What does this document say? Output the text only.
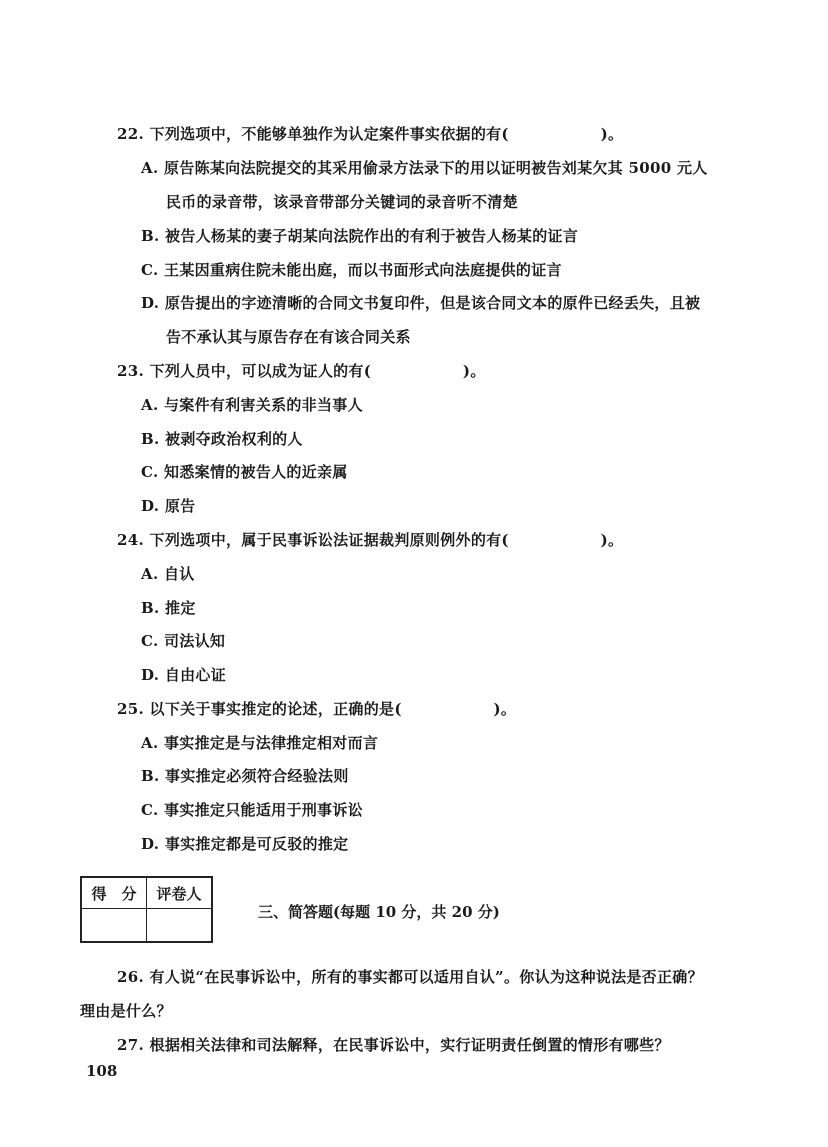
22. 下列选项中，不能够单独作为认定案件事实依据的有(　　　　　　)。
A. 原告陈某向法院提交的其采用偷录方法录下的用以证明被告刘某欠其 5000 元人
民币的录音带，该录音带部分关键词的录音听不清楚
B. 被告人杨某的妻子胡某向法院作出的有利于被告人杨某的证言
C. 王某因重病住院未能出庭，而以书面形式向法庭提供的证言
D. 原告提出的字迹清晰的合同文书复印件，但是该合同文本的原件已经丢失，且被
告不承认其与原告存在有该合同关系
23. 下列人员中，可以成为证人的有(　　　　　　)。
A. 与案件有利害关系的非当事人
B. 被剥夺政治权利的人
C. 知悉案情的被告人的近亲属
D. 原告
24. 下列选项中，属于民事诉讼法证据裁判原则例外的有(　　　　　　)。
A. 自认
B. 推定
C. 司法认知
D. 自由心证
25. 以下关于事实推定的论述，正确的是(　　　　　　)。
A. 事实推定是与法律推定相对而言
B. 事实推定必须符合经验法则
C. 事实推定只能适用于刑事诉讼
D. 事实推定都是可反驳的推定
得　分	评卷人

三、简答题(每题 10 分，共 20 分)
26. 有人说“在民事诉讼中，所有的事实都可以适用自认”。你认为这种说法是否正确？
理由是什么？
27. 根据相关法律和司法解释，在民事诉讼中，实行证明责任倒置的情形有哪些？
108
